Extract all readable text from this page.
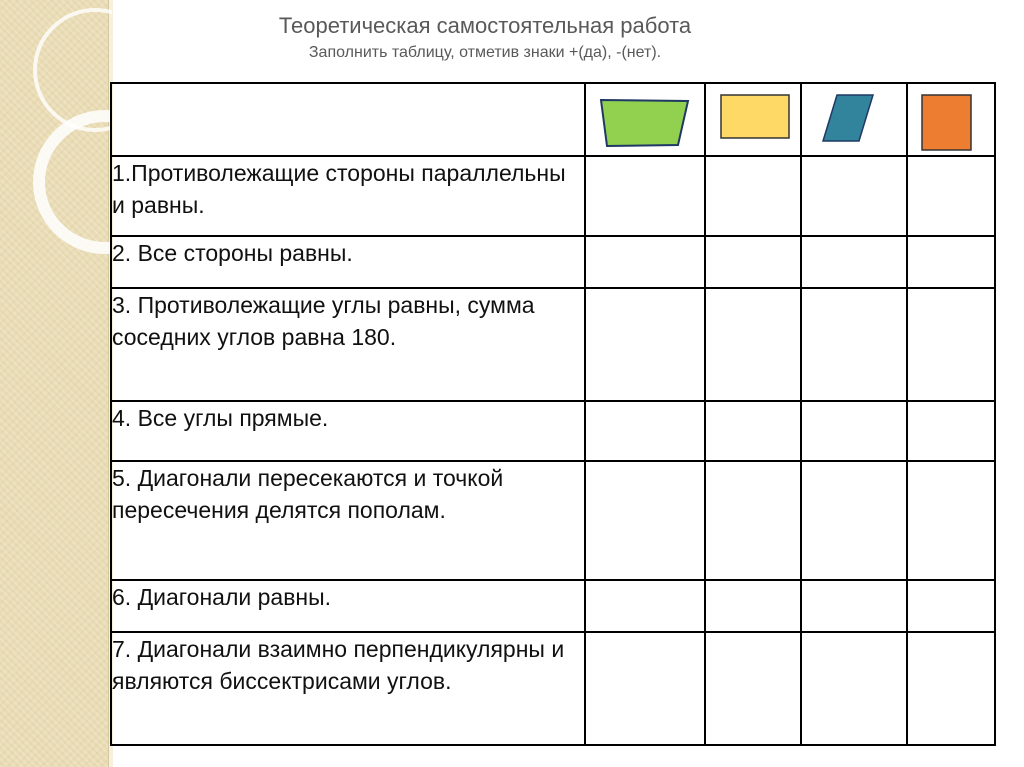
Теоретическая самостоятельная работа
Заполнить таблицу, отметив знаки +(да), -(нет).

1.Противолежащие стороны параллельны и равны.				
2. Все стороны равны.				
3. Противолежащие углы равны, сумма соседних углов равна 180.				
4. Все углы прямые.				
5. Диагонали пересекаются и точкой пересечения делятся пополам.				
6. Диагонали равны.				
7. Диагонали взаимно перпендикулярны и являются биссектрисами углов.				
